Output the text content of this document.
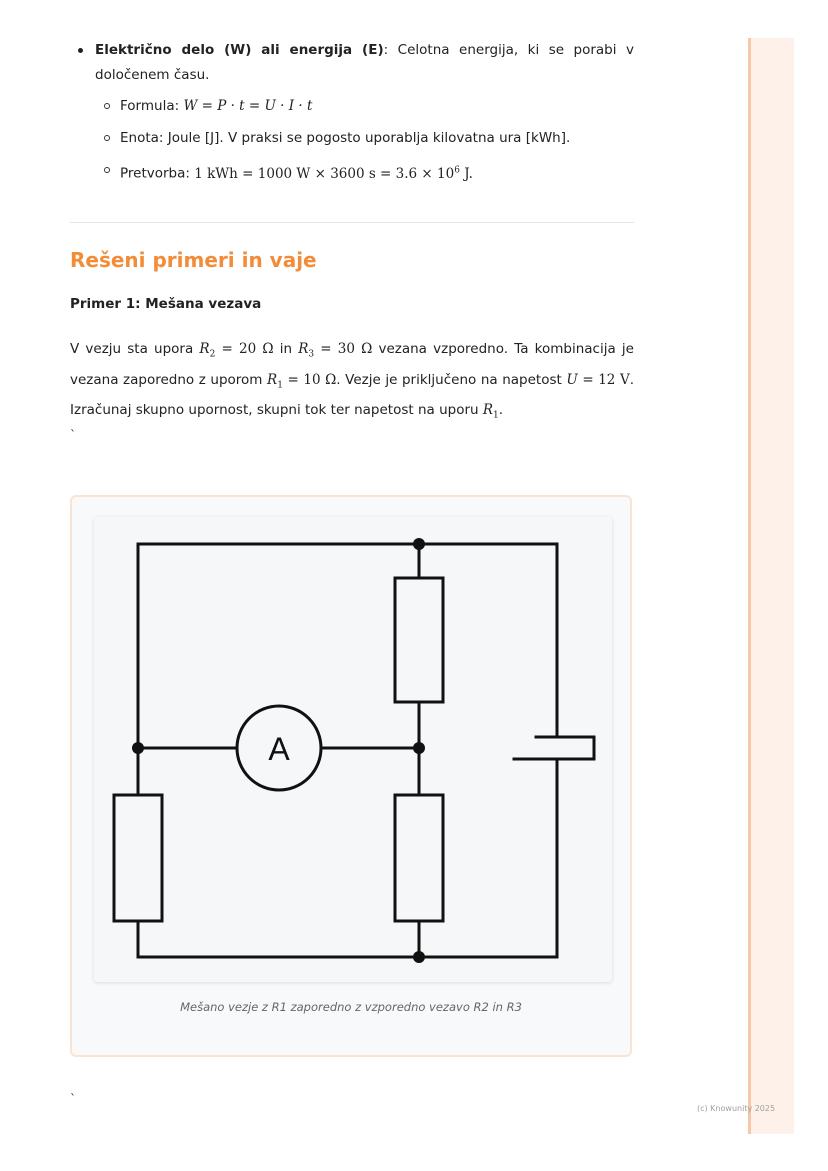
Električno delo (W) ali energija (E): Celotna energija, ki se porabi v določenem času.
Formula: W = P · t = U · I · t
Enota: Joule [J]. V praksi se pogosto uporablja kilovatna ura [kWh].
Pretvorba: 1 kWh = 1000 W × 3600 $s = 3.6 \times 10^6$ J.
Rešeni primeri in vaje
Primer 1: Mešana vezava
V vezju sta upora $R_2 = 20$ Ω in $R_3 = 30$ Ω vezana vzporedno. Ta kombinacija je vezana zaporedno z uporom $R_1 = 10$ Ω. Vezje je priključeno na napetost U = 12 V. Izračunaj skupno upornost, skupni tok ter napetost na uporu $R_1$.
`
A
Mešano vezje z R1 zaporedno z vzporedno vezavo R2 in R3
`
(c) Knowunity 2025
